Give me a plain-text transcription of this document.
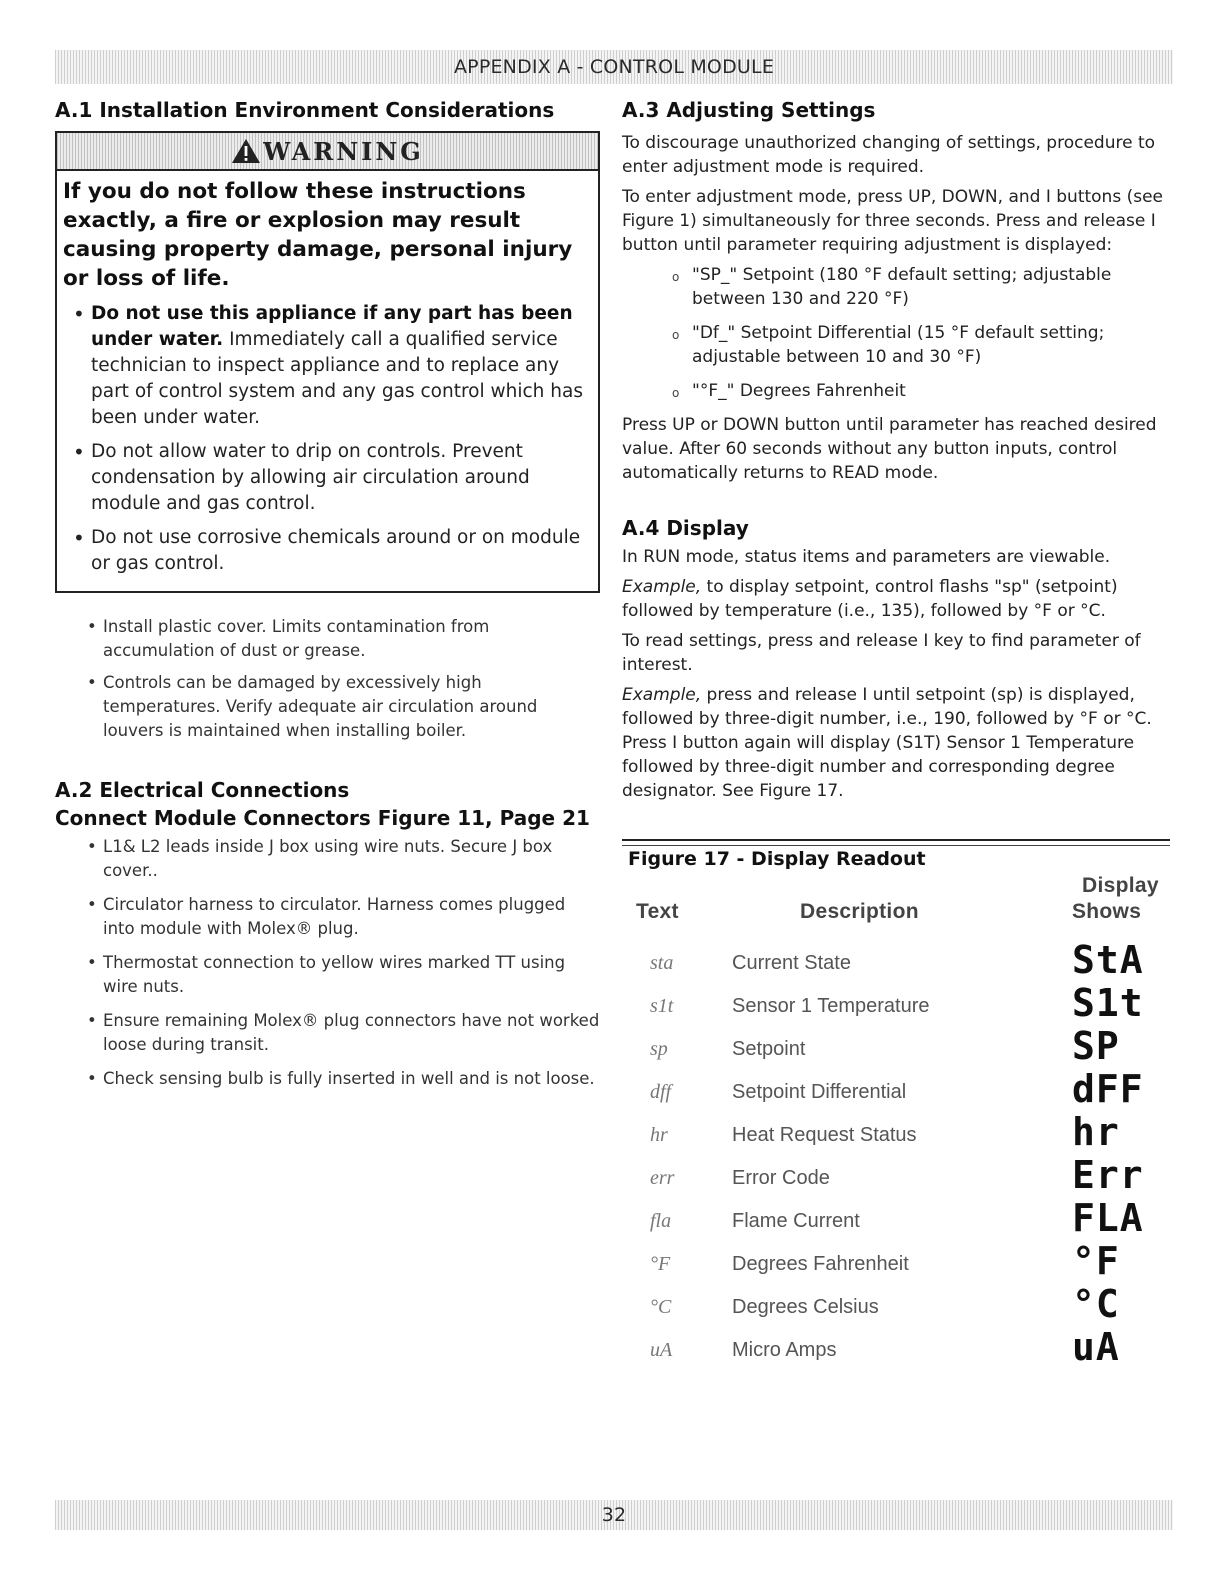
APPENDIX A - CONTROL MODULE
A.1 Installation Environment Considerations
WARNING

If you do not follow these instructions exactly, a fire or explosion may result causing property damage, personal injury or loss of life.

• Do not use this appliance if any part has been under water. Immediately call a qualified service technician to inspect appliance and to replace any part of control system and any gas control which has been under water.
• Do not allow water to drip on controls. Prevent condensation by allowing air circulation around module and gas control.
• Do not use corrosive chemicals around or on module or gas control.
• Install plastic cover. Limits contamination from accumulation of dust or grease.
• Controls can be damaged by excessively high temperatures. Verify adequate air circulation around louvers is maintained when installing boiler.
A.2 Electrical Connections
Connect Module Connectors Figure 11, Page 21
• L1& L2 leads inside J box using wire nuts. Secure J box cover..
• Circulator harness to circulator. Harness comes plugged into module with Molex® plug.
• Thermostat connection to yellow wires marked TT using wire nuts.
• Ensure remaining Molex® plug connectors have not worked loose during transit.
• Check sensing bulb is fully inserted in well and is not loose.
A.3 Adjusting Settings

To discourage unauthorized changing of settings, procedure to enter adjustment mode is required.

To enter adjustment mode, press UP, DOWN, and I buttons (see Figure 1) simultaneously for three seconds. Press and release I button until parameter requiring adjustment is displayed:

o "SP_" Setpoint (180 °F default setting; adjustable between 130 and 220 °F)
o "Df_" Setpoint Differential (15 °F default setting; adjustable between 10 and 30 °F)
o "°F_" Degrees Fahrenheit

Press UP or DOWN button until parameter has reached desired value. After 60 seconds without any button inputs, control automatically returns to READ mode.

A.4 Display

In RUN mode, status items and parameters are viewable.

Example, to display setpoint, control flashs "sp" (setpoint) followed by temperature (i.e., 135), followed by °F or °C.

To read settings, press and release I key to find parameter of interest.

Example, press and release I until setpoint (sp) is displayed, followed by three-digit number, i.e., 190, followed by °F or °C. Press I button again will display (S1T) Sensor 1 Temperature followed by three-digit number and corresponding degree designator. See Figure 17.

Figure 17 - Display Readout
Display
Text	Description	Shows
sta	Current State	StA
s1t	Sensor 1 Temperature	S1t
sp	Setpoint	SP
dff	Setpoint Differential	dFF
hr	Heat Request Status	hr
err	Error Code	Err
fla	Flame Current	FLA
°F	Degrees Fahrenheit	°F
°C	Degrees Celsius	°C
uA	Micro Amps	uA
32
